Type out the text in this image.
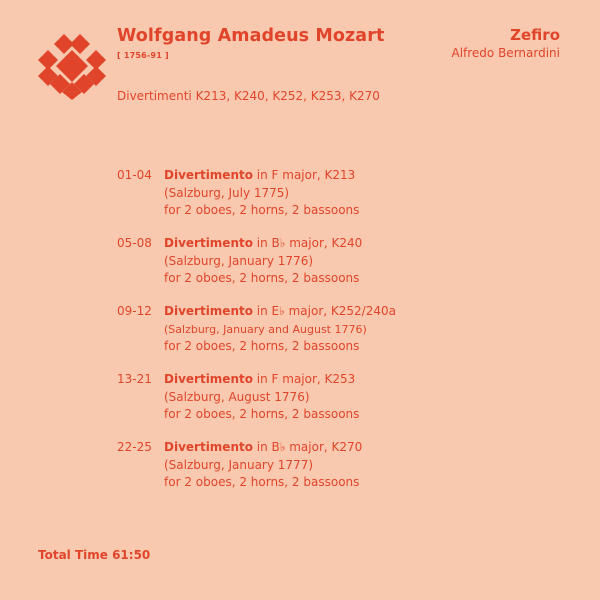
Wolfgang Amadeus Mozart
[ 1756-91 ]
Zefiro
Alfredo Bernardini
Divertimenti K213, K240, K252, K253, K270
01-04	Divertimento in F major, K213
(Salzburg, July 1775)
for 2 oboes, 2 horns, 2 bassoons
05-08	Divertimento in B♭ major, K240
(Salzburg, January 1776)
for 2 oboes, 2 horns, 2 bassoons
09-12	Divertimento in E♭ major, K252/240a
(Salzburg, January and August 1776)
for 2 oboes, 2 horns, 2 bassoons
13-21	Divertimento in F major, K253
(Salzburg, August 1776)
for 2 oboes, 2 horns, 2 bassoons
22-25	Divertimento in B♭ major, K270
(Salzburg, January 1777)
for 2 oboes, 2 horns, 2 bassoons
Total Time 61:50
